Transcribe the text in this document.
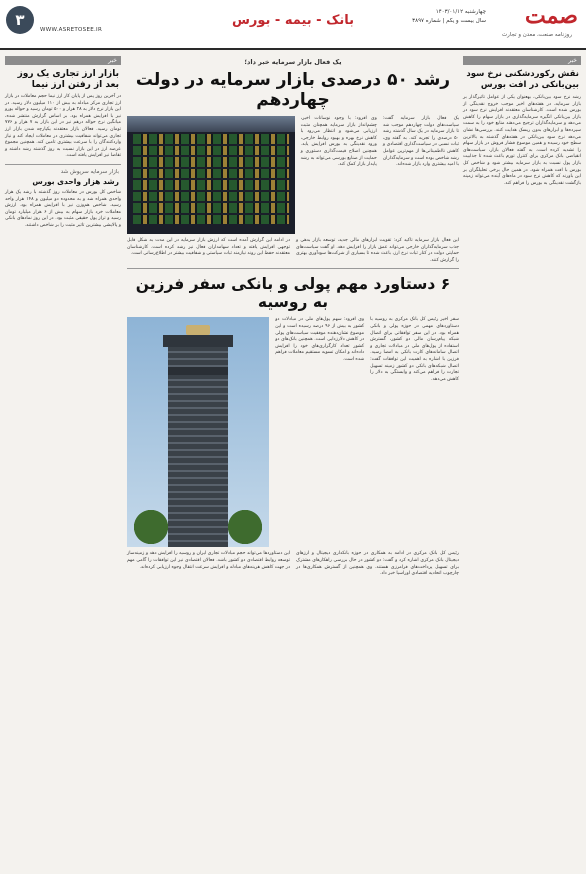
صمت
روزنامه صنعت، معدن و تجارت
چهارشنبه ۱۴۰۳/۰۱/۱۲
سال بیست و یکم | شماره ۳۸۹۷
بانک - بیمه - بورس
۳
WWW.ASRETOSEE.IR
خبر
نقش رکوردشکنی نرخ سود بین‌بانکی در افت بورس
رشد نرخ سود بین‌بانکی، بهعنوان یکی از عوامل تاثیرگذار بر بازار سرمایه، در هفته‌های اخیر موجب خروج نقدینگی از بورس شده است. کارشناسان معتقدند افزایش نرخ سود در بازار بین‌بانکی انگیزه سرمایه‌گذاری در بازار سهام را کاهش می‌دهد و سرمایه‌گذاران ترجیح می‌دهند منابع خود را به سمت سپرده‌ها و ابزارهای بدون ریسک هدایت کنند. بررسی‌ها نشان می‌دهد نرخ سود بین‌بانکی در هفته‌های گذشته به بالاترین سطح خود رسیده و همین موضوع فشار فروش در بازار سهام را تشدید کرده است. به گفته فعالان بازار، سیاست‌های انقباضی بانک مرکزی برای کنترل تورم باعث شده تا جذابیت بازار پول نسبت به بازار سرمایه بیشتر شود و شاخص کل بورس با افت همراه شود. در همین حال برخی تحلیلگران بر این باورند که کاهش نرخ سود در ماه‌های آینده می‌تواند زمینه بازگشت نقدینگی به بورس را فراهم کند.
خبر
بازار ارز تجاری یک روز بعد از رفتن ارز نیما
در آخرین روز پس از پایان کار ارز نیما حجم معاملات در بازار ارز تجاری مرکز مبادله به بیش از ۱۱۰ میلیون دلار رسید. در این بازار نرخ دلار به ۲۸ هزار و ۵۰۰ تومان رسید و حواله یورو نیز با افزایش همراه بود. بر اساس گزارش منتشر شده، میانگین نرخ حواله درهم نیز در این بازار به ۷ هزار و ۷۷۶ تومان رسید. فعالان بازار معتقدند یکپارچه شدن بازار ارز تجاری می‌تواند شفافیت بیشتری در معاملات ایجاد کند و نیاز واردکنندگان را با سرعت بیشتری تامین کند. همچنین مجموع عرضه ارز در این بازار نسبت به روز گذشته رشد داشته و تقاضا نیز افزایش یافته است.
بازار سرمایه سرپوش شد
رشد هزار واحدی بورس
شاخص کل بورس در معاملات روز گذشته با رشد یک هزار واحدی همراه شد و به محدوده دو میلیون و ۱۴۸ هزار واحد رسید. شاخص هم‌وزن نیز با افزایش همراه بود. ارزش معاملات خرد بازار سهام به بیش از ۶ هزار میلیارد تومان رسید و تراز پول حقیقی مثبت بود. در این روز نمادهای بانکی و پالایشی بیشترین تاثیر مثبت را بر شاخص داشتند.
یک فعال بازار سرمایه خبر داد؛
رشد ۵۰ درصدی بازار سرمایه در دولت چهاردهم
یک فعال بازار سرمایه گفت: سیاست‌های دولت چهاردهم موجب شد تا بازار سرمایه در یک سال گذشته رشد ۵۰ درصدی را تجربه کند. به گفته وی، ثبات نسبی در سیاست‌گذاری اقتصادی و کاهش نااطمینانی‌ها از مهم‌ترین عوامل رشد شاخص بوده است و سرمایه‌گذاران با امید بیشتری وارد بازار شده‌اند.
وی افزود: با وجود نوسانات اخیر، چشم‌انداز بازار سرمایه همچنان مثبت ارزیابی می‌شود و انتظار می‌رود با کاهش نرخ بهره و بهبود روابط خارجی، ورود نقدینگی به بورس افزایش یابد. همچنین اصلاح قیمت‌گذاری دستوری و حمایت از صنایع بورسی می‌تواند به رشد پایدار بازار کمک کند.
این فعال بازار سرمایه تاکید کرد: تقویت ابزارهای مالی جدید، توسعه بازار بدهی و جذب سرمایه‌گذاران خارجی می‌تواند عمق بازار را افزایش دهد. او گفت سیاست‌های حمایتی دولت در کنار ثبات نرخ ارز، باعث شده تا بسیاری از شرکت‌ها سودآوری بهتری را گزارش کنند.
در ادامه این گزارش آمده است که ارزش بازار سرمایه در این مدت به شکل قابل توجهی افزایش یافته و تعداد سهامداران فعال نیز رشد کرده است. کارشناسان معتقدند حفظ این روند نیازمند ثبات سیاستی و شفافیت بیشتر در اطلاع‌رسانی است.
۶ دستاورد مهم پولی و بانکی سفر فرزین به روسیه
سفر اخیر رئیس کل بانک مرکزی به روسیه با دستاوردهای مهمی در حوزه پولی و بانکی همراه بود. در این سفر توافقاتی برای اتصال شبکه پیام‌رسان مالی دو کشور، گسترش استفاده از پول‌های ملی در مبادلات تجاری و اتصال سامانه‌های کارت بانکی به امضا رسید. فرزین با اشاره به اهمیت این توافقات گفت: اتصال شبکه‌های بانکی دو کشور زمینه تسهیل تجارت را فراهم می‌کند و وابستگی به دلار را کاهش می‌دهد.
وی افزود: سهم پول‌های ملی در مبادلات دو کشور به بیش از ۹۶ درصد رسیده است و این موضوع نشان‌دهنده موفقیت سیاست‌های پولی در کاهش دلارزدایی است. همچنین بانک‌های دو کشور تعداد کارگزاری‌های خود را افزایش داده‌اند و امکان تسویه مستقیم معاملات فراهم شده است.
رئیس کل بانک مرکزی در ادامه به همکاری در حوزه بانکداری دیجیتال و ارزهای دیجیتال بانک مرکزی اشاره کرد و گفت: دو کشور در حال بررسی راهکارهای مشترک برای تسهیل پرداخت‌های فرامرزی هستند. وی همچنین از گسترش همکاری‌ها در چارچوب اتحادیه اقتصادی اوراسیا خبر داد.
این دستاوردها می‌تواند حجم مبادلات تجاری ایران و روسیه را افزایش دهد و زمینه‌ساز توسعه روابط اقتصادی دو کشور باشد. فعالان اقتصادی نیز این توافقات را گامی مهم در جهت کاهش هزینه‌های مبادله و افزایش سرعت انتقال وجوه ارزیابی کرده‌اند.
